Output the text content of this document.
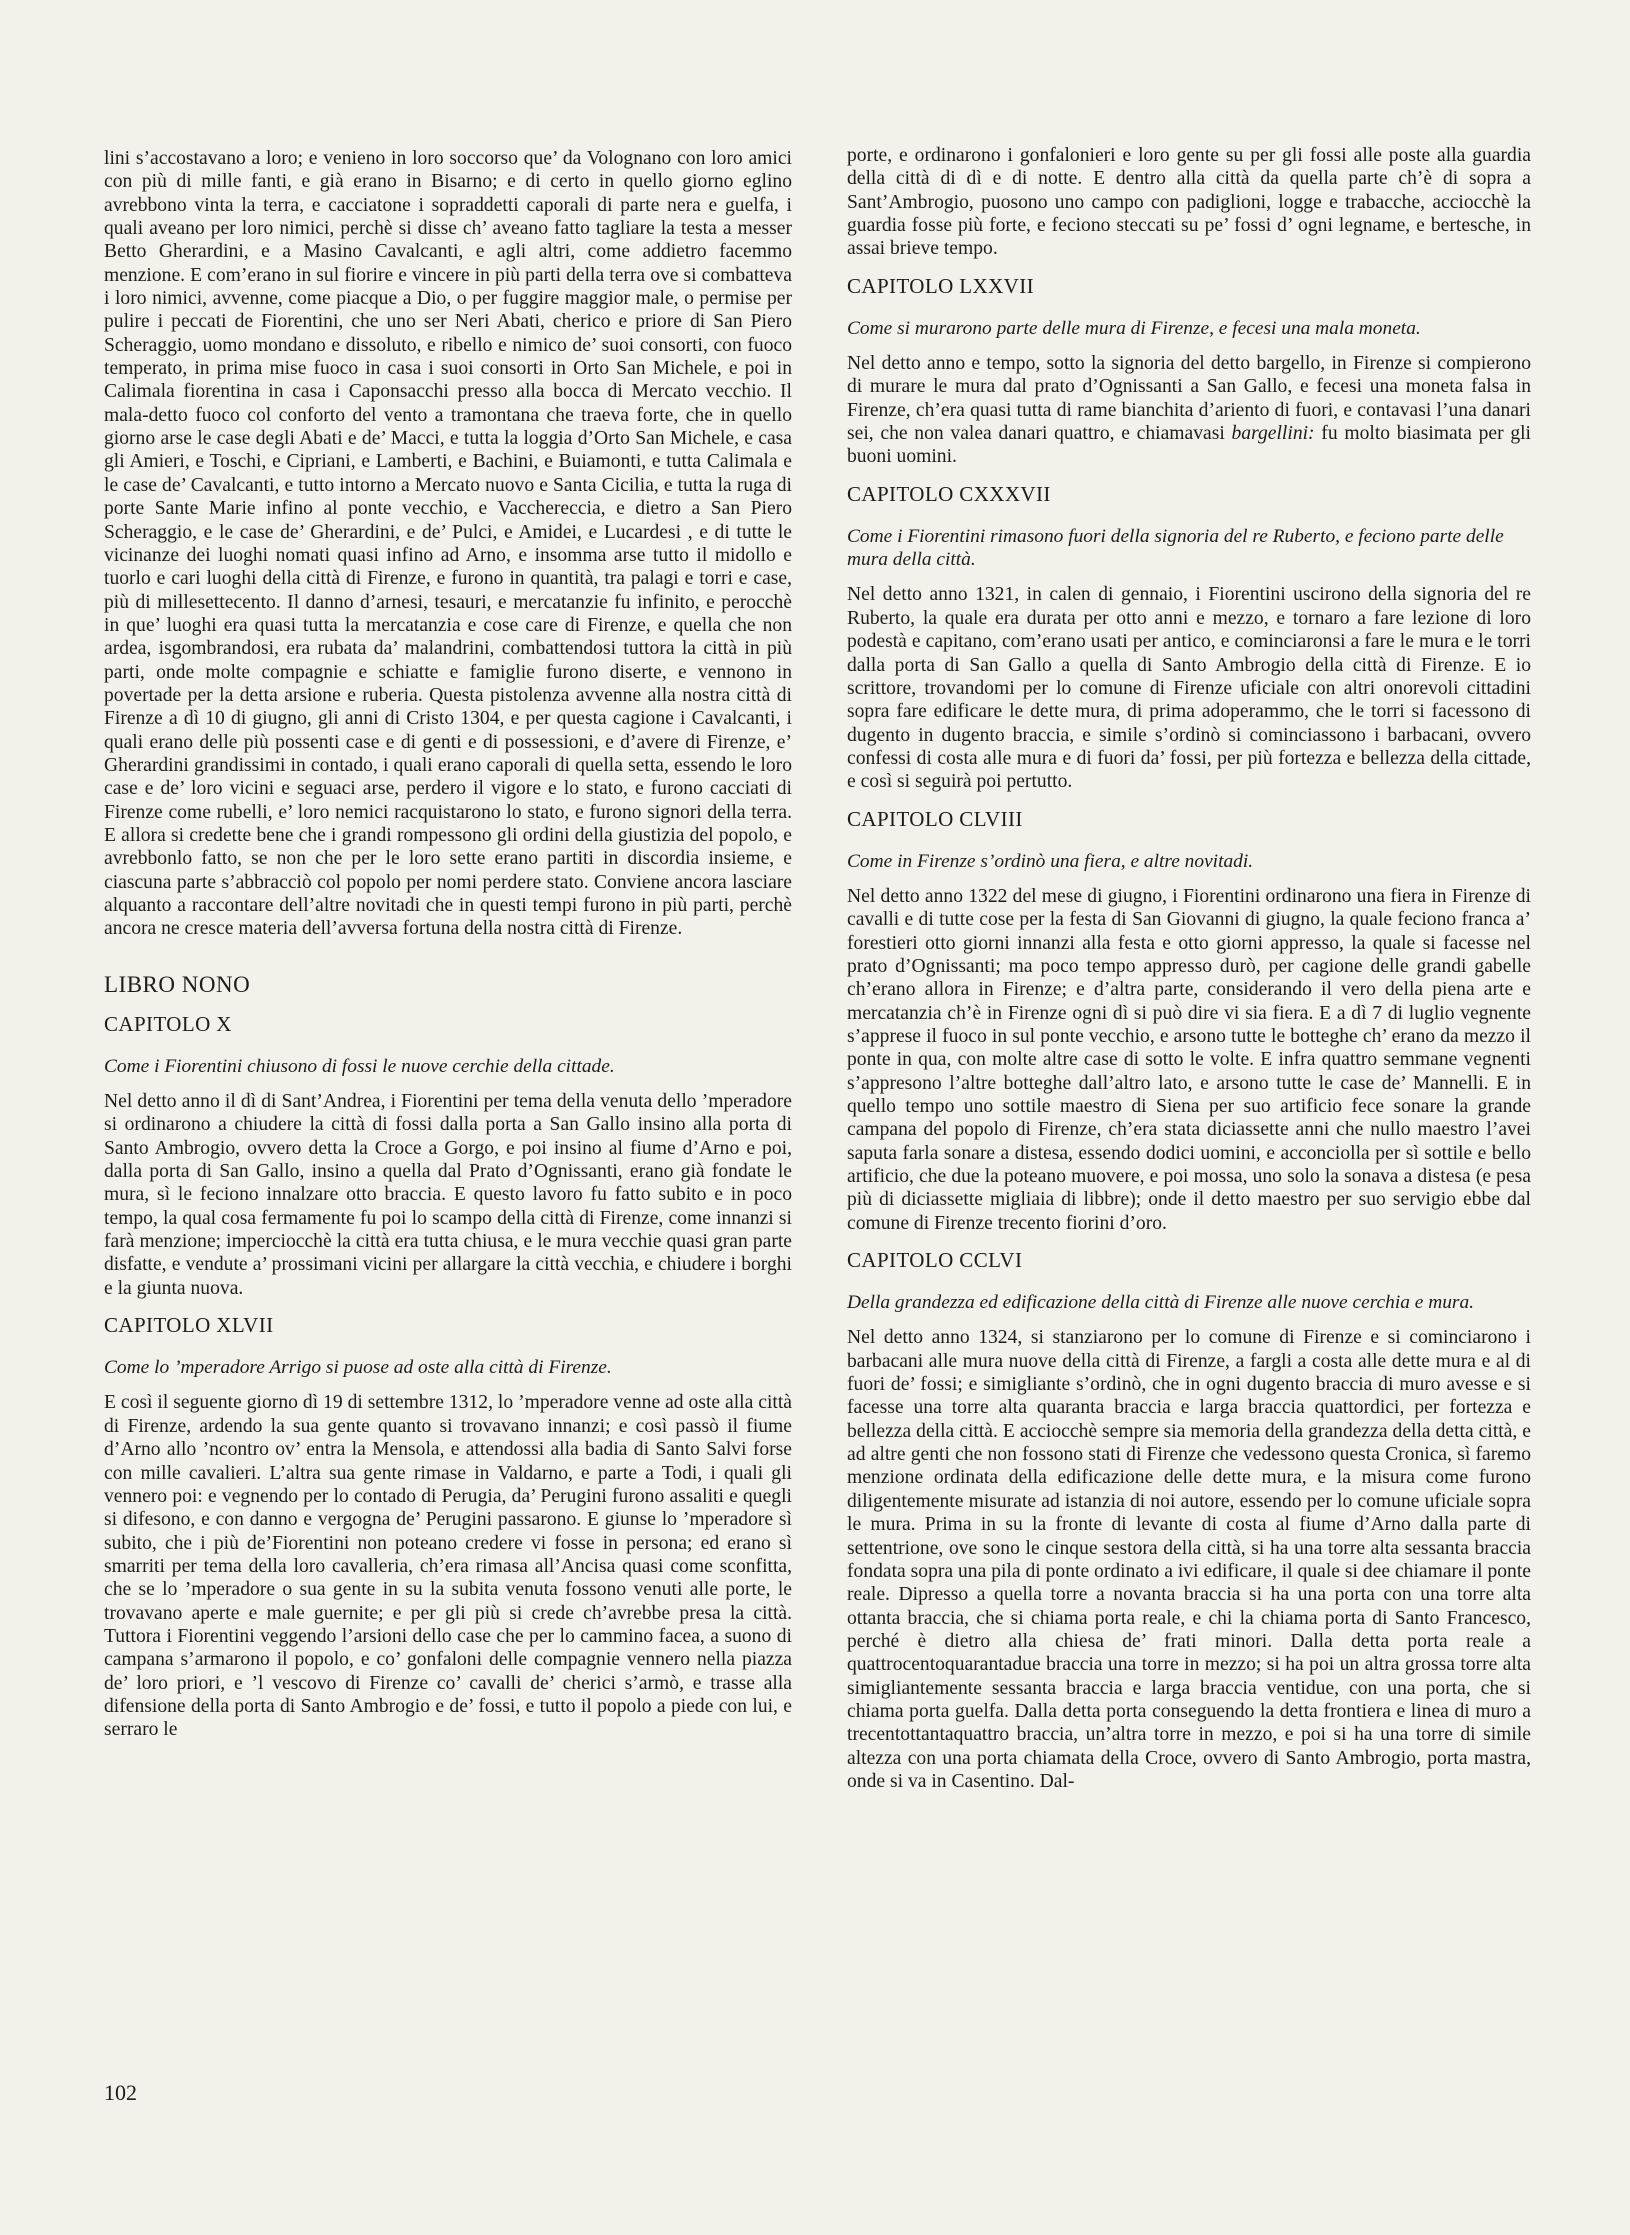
lini s’accostavano a loro; e venieno in loro soccorso que’ da Volognano con loro amici con più di mille fanti, e già erano in Bisarno; e di certo in quello giorno eglino avrebbono vinta la terra, e cacciatone i sopraddetti caporali di parte nera e guelfa, i quali aveano per loro nimici, perchè si disse ch’ aveano fatto tagliare la testa a messer Betto Gherardini, e a Masino Cavalcanti, e agli altri, come addietro facemmo menzione. E com’erano in sul fiorire e vincere in più parti della terra ove si combatteva i loro nimici, avvenne, come piacque a Dio, o per fuggire maggior male, o permise per pulire i peccati de Fiorentini, che uno ser Neri Abati, cherico e priore di San Piero Scheraggio, uomo mondano e dissoluto, e ribello e nimico de’ suoi consorti, con fuoco temperato, in prima mise fuoco in casa i suoi consorti in Orto San Michele, e poi in Calimala fiorentina in casa i Caponsacchi presso alla bocca di Mercato vecchio. Il mala-detto fuoco col conforto del vento a tramontana che traeva forte, che in quello giorno arse le case degli Abati e de’ Macci, e tutta la loggia d’Orto San Michele, e casa gli Amieri, e Toschi, e Cipriani, e Lamberti, e Bachini, e Buiamonti, e tutta Calimala e le case de’ Cavalcanti, e tutto intorno a Mercato nuovo e Santa Cicilia, e tutta la ruga di porte Sante Marie infino al ponte vecchio, e Vacchereccia, e dietro a San Piero Scheraggio, e le case de’ Gherardini, e de’ Pulci, e Amidei, e Lucardesi , e di tutte le vicinanze dei luoghi nomati quasi infino ad Arno, e insomma arse tutto il midollo e tuorlo e cari luoghi della città di Firenze, e furono in quantità, tra palagi e torri e case, più di millesettecento. Il danno d’arnesi, tesauri, e mercatanzie fu infinito, e perocchè in que’ luoghi era quasi tutta la mercatanzia e cose care di Firenze, e quella che non ardea, isgombrandosi, era rubata da’ malandrini, combattendosi tuttora la città in più parti, onde molte compagnie e schiatte e famiglie furono diserte, e vennono in povertade per la detta arsione e ruberia. Questa pistolenza avvenne alla nostra città di Firenze a dì 10 di giugno, gli anni di Cristo 1304, e per questa cagione i Cavalcanti, i quali erano delle più possenti case e di genti e di possessioni, e d’avere di Firenze, e’ Gherardini grandissimi in contado, i quali erano caporali di quella setta, essendo le loro case e de’ loro vicini e seguaci arse, perdero il vigore e lo stato, e furono cacciati di Firenze come rubelli, e’ loro nemici racquistarono lo stato, e furono signori della terra. E allora si credette bene che i grandi rompessono gli ordini della giustizia del popolo, e avrebbonlo fatto, se non che per le loro sette erano partiti in discordia insieme, e ciascuna parte s’abbracciò col popolo per nomi perdere stato. Conviene ancora lasciare alquanto a raccontare dell’altre novitadi che in questi tempi furono in più parti, perchè ancora ne cresce materia dell’avversa fortuna della nostra città di Firenze.

LIBRO NONO
CAPITOLO X

Come i Fiorentini chiusono di fossi le nuove cerchie della cittade.

Nel detto anno il dì di Sant’Andrea, i Fiorentini per tema della venuta dello ’mperadore si ordinarono a chiudere la città di fossi dalla porta a San Gallo insino alla porta di Santo Ambrogio, ovvero detta la Croce a Gorgo, e poi insino al fiume d’Arno e poi, dalla porta di San Gallo, insino a quella dal Prato d’Ognissanti, erano già fondate le mura, sì le feciono innalzare otto braccia. E questo lavoro fu fatto subito e in poco tempo, la qual cosa fermamente fu poi lo scampo della città di Firenze, come innanzi si farà menzione; imperciocchè la città era tutta chiusa, e le mura vecchie quasi gran parte disfatte, e vendute a’ prossimani vicini per allargare la città vecchia, e chiudere i borghi e la giunta nuova.

CAPITOLO XLVII

Come lo ’mperadore Arrigo si puose ad oste alla città di Firenze.

E così il seguente giorno dì 19 di settembre 1312, lo ’mperadore venne ad oste alla città di Firenze, ardendo la sua gente quanto si trovavano innanzi; e così passò il fiume d’Arno allo ’ncontro ov’ entra la Mensola, e attendossi alla badia di Santo Salvi forse con mille cavalieri. L’altra sua gente rimase in Valdarno, e parte a Todi, i quali gli vennero poi: e vegnendo per lo contado di Perugia, da’ Perugini furono assaliti e quegli si difesono, e con danno e vergogna de’ Perugini passarono. E giunse lo ’mperadore sì subito, che i più de’Fiorentini non poteano credere vi fosse in persona; ed erano sì smarriti per tema della loro cavalleria, ch’era rimasa all’Ancisa quasi come sconfitta, che se lo ’mperadore o sua gente in su la subita venuta fossono venuti alle porte, le trovavano aperte e male guernite; e per gli più si crede ch’avrebbe presa la città. Tuttora i Fiorentini veggendo l’arsioni dello case che per lo cammino facea, a suono di campana s’armarono il popolo, e co’ gonfaloni delle compagnie vennero nella piazza de’ loro priori, e ’l vescovo di Firenze co’ cavalli de’ cherici s’armò, e trasse alla difensione della porta di Santo Ambrogio e de’ fossi, e tutto il popolo a piede con lui, e serraro le

porte, e ordinarono i gonfalonieri e loro gente su per gli fossi alle poste alla guardia della città di dì e di notte. E dentro alla città da quella parte ch’è di sopra a Sant’Ambrogio, puosono uno campo con padiglioni, logge e trabacche, acciocchè la guardia fosse più forte, e feciono steccati su pe’ fossi d’ ogni legname, e bertesche, in assai brieve tempo.

CAPITOLO LXXVII

Come si murarono parte delle mura di Firenze, e fecesi una mala moneta.

Nel detto anno e tempo, sotto la signoria del detto bargello, in Firenze si compierono di murare le mura dal prato d’Ognissanti a San Gallo, e fecesi una moneta falsa in Firenze, ch’era quasi tutta di rame bianchita d’ariento di fuori, e contavasi l’una danari sei, che non valea danari quattro, e chiamavasi bargellini: fu molto biasimata per gli buoni uomini.

CAPITOLO CXXXVII

Come i Fiorentini rimasono fuori della signoria del re Ruberto, e feciono parte delle mura della città.

Nel detto anno 1321, in calen di gennaio, i Fiorentini uscirono della signoria del re Ruberto, la quale era durata per otto anni e mezzo, e tornaro a fare lezione di loro podestà e capitano, com’erano usati per antico, e cominciaronsi a fare le mura e le torri dalla porta di San Gallo a quella di Santo Ambrogio della città di Firenze. E io scrittore, trovandomi per lo comune di Firenze uficiale con altri onorevoli cittadini sopra fare edificare le dette mura, di prima adoperammo, che le torri si facessono di dugento in dugento braccia, e simile s’ordinò si cominciassono i barbacani, ovvero confessi di costa alle mura e di fuori da’ fossi, per più fortezza e bellezza della cittade, e così si seguirà poi pertutto.

CAPITOLO CLVIII

Come in Firenze s’ordinò una fiera, e altre novitadi.

Nel detto anno 1322 del mese di giugno, i Fiorentini ordinarono una fiera in Firenze di cavalli e di tutte cose per la festa di San Giovanni di giugno, la quale feciono franca a’ forestieri otto giorni innanzi alla festa e otto giorni appresso, la quale si facesse nel prato d’Ognissanti; ma poco tempo appresso durò, per cagione delle grandi gabelle ch’erano allora in Firenze; e d’altra parte, considerando il vero della piena arte e mercatanzia ch’è in Firenze ogni dì si può dire vi sia fiera. E a dì 7 di luglio vegnente s’apprese il fuoco in sul ponte vecchio, e arsono tutte le botteghe ch’ erano da mezzo il ponte in qua, con molte altre case di sotto le volte. E infra quattro semmane vegnenti s’appresono l’altre botteghe dall’altro lato, e arsono tutte le case de’ Mannelli. E in quello tempo uno sottile maestro di Siena per suo artificio fece sonare la grande campana del popolo di Firenze, ch’era stata diciassette anni che nullo maestro l’avei saputa farla sonare a distesa, essendo dodici uomini, e acconciolla per sì sottile e bello artificio, che due la poteano muovere, e poi mossa, uno solo la sonava a distesa (e pesa più di diciassette migliaia di libbre); onde il detto maestro per suo servigio ebbe dal comune di Firenze trecento fiorini d’oro.

CAPITOLO CCLVI

Della grandezza ed edificazione della città di Firenze alle nuove cerchia e mura.

Nel detto anno 1324, si stanziarono per lo comune di Firenze e si cominciarono i barbacani alle mura nuove della città di Firenze, a fargli a costa alle dette mura e al di fuori de’ fossi; e simigliante s’ordinò, che in ogni dugento braccia di muro avesse e si facesse una torre alta quaranta braccia e larga braccia quattordici, per fortezza e bellezza della città. E acciocchè sempre sia memoria della grandezza della detta città, e ad altre genti che non fossono stati di Firenze che vedessono questa Cronica, sì faremo menzione ordinata della edificazione delle dette mura, e la misura come furono diligentemente misurate ad istanzia di noi autore, essendo per lo comune uficiale sopra le mura. Prima in su la fronte di levante di costa al fiume d’Arno dalla parte di settentrione, ove sono le cinque sestora della città, si ha una torre alta sessanta braccia fondata sopra una pila di ponte ordinato a ivi edificare, il quale si dee chiamare il ponte reale. Dipresso a quella torre a novanta braccia si ha una porta con una torre alta ottanta braccia, che si chiama porta reale, e chi la chiama porta di Santo Francesco, perché è dietro alla chiesa de’ frati minori. Dalla detta porta reale a quattrocentoquarantadue braccia una torre in mezzo; si ha poi un altra grossa torre alta simigliantemente sessanta braccia e larga braccia ventidue, con una porta, che si chiama porta guelfa. Dalla detta porta conseguendo la detta frontiera e linea di muro a trecentottantaquattro braccia, un’altra torre in mezzo, e poi si ha una torre di simile altezza con una porta chiamata della Croce, ovvero di Santo Ambrogio, porta mastra, onde si va in Casentino. Dal-

102
